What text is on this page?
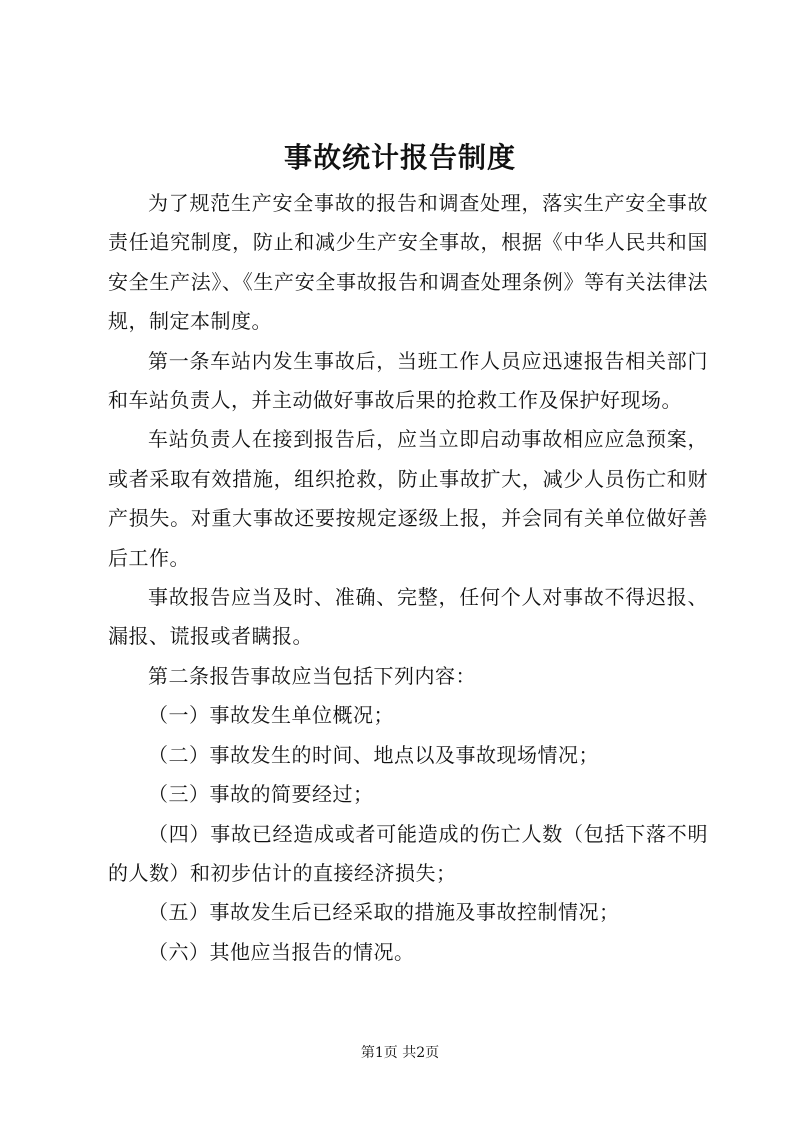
事故统计报告制度

为了规范生产安全事故的报告和调查处理，落实生产安全事故责任追究制度，防止和减少生产安全事故，根据《中华人民共和国安全生产法》、《生产安全事故报告和调查处理条例》等有关法律法规，制定本制度。

第一条车站内发生事故后，当班工作人员应迅速报告相关部门和车站负责人，并主动做好事故后果的抢救工作及保护好现场。

车站负责人在接到报告后，应当立即启动事故相应应急预案，或者采取有效措施，组织抢救，防止事故扩大，减少人员伤亡和财产损失。对重大事故还要按规定逐级上报，并会同有关单位做好善后工作。

事故报告应当及时、准确、完整，任何个人对事故不得迟报、漏报、谎报或者瞒报。

第二条报告事故应当包括下列内容：

（一）事故发生单位概况；

（二）事故发生的时间、地点以及事故现场情况；

（三）事故的简要经过；

（四）事故已经造成或者可能造成的伤亡人数（包括下落不明的人数）和初步估计的直接经济损失；

（五）事故发生后已经采取的措施及事故控制情况；

（六）其他应当报告的情况。

第1页 共2页
